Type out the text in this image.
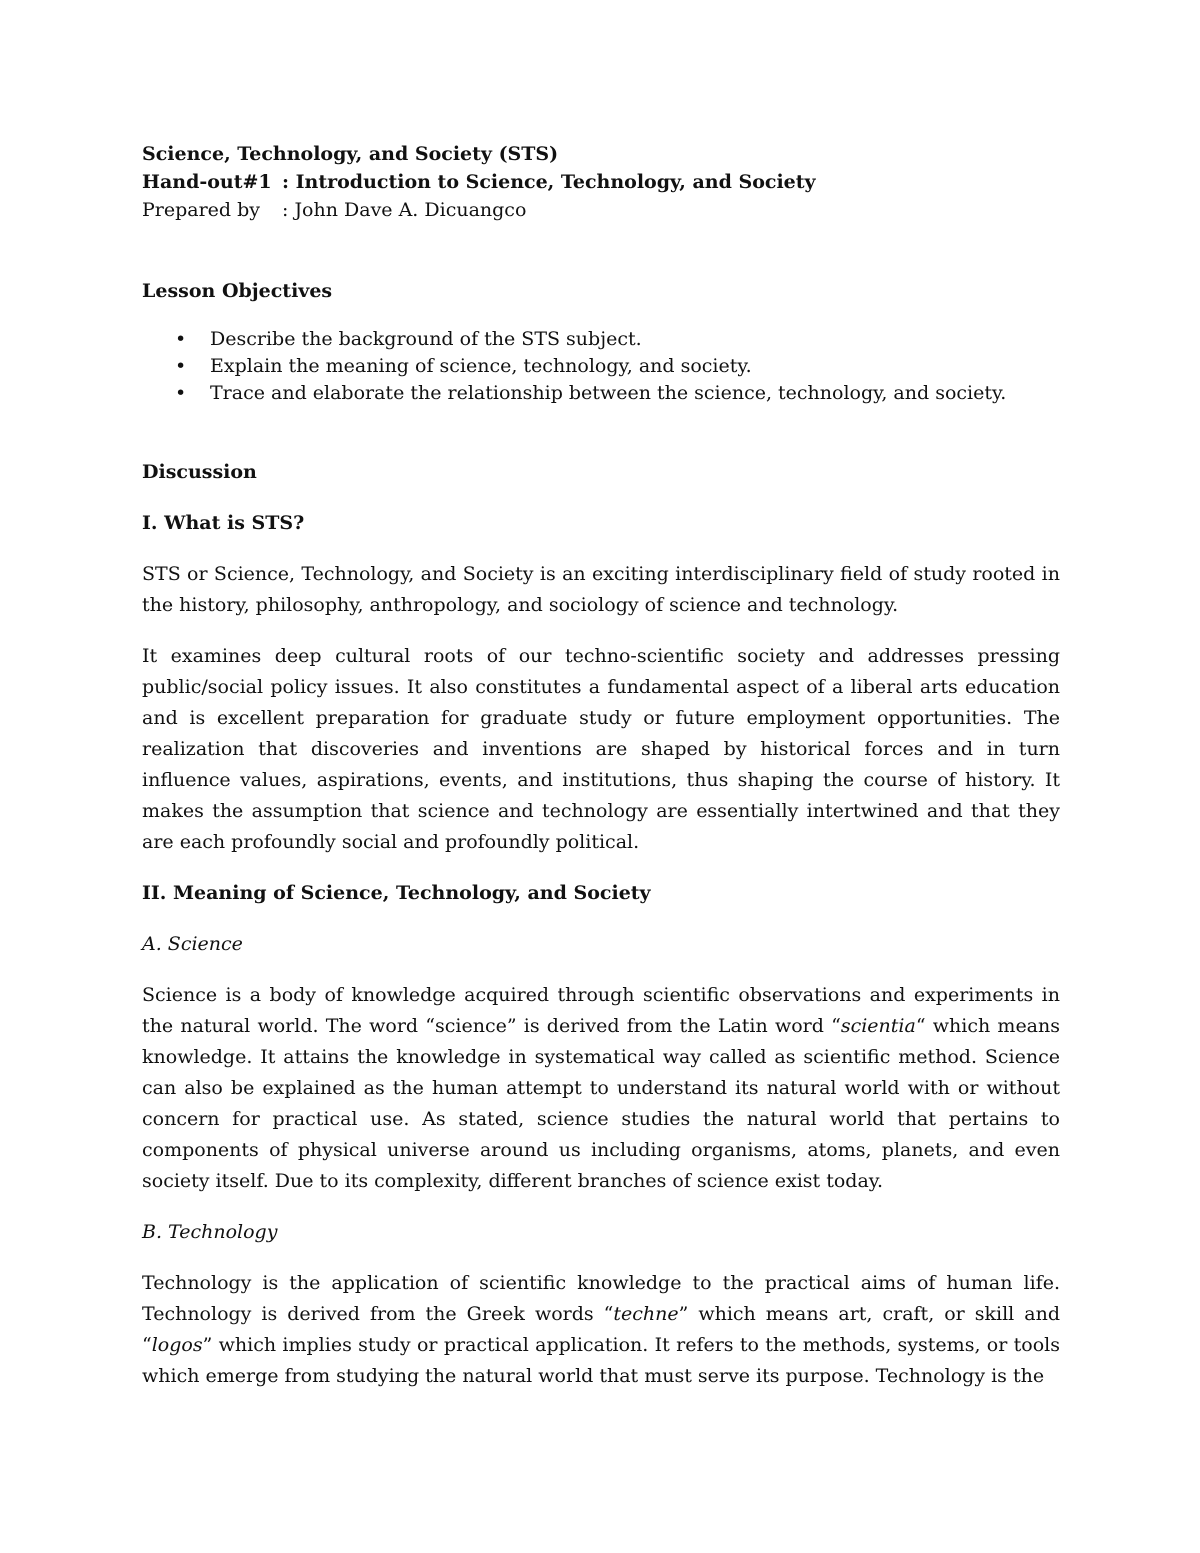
Science, Technology, and Society (STS)

Hand-out#1 : Introduction to Science, Technology, and Society

Prepared by : John Dave A. Dicuangco

Lesson Objectives

• Describe the background of the STS subject.
• Explain the meaning of science, technology, and society.
• Trace and elaborate the relationship between the science, technology, and society.

Discussion

I. What is STS?

STS or Science, Technology, and Society is an exciting interdisciplinary field of study rooted in the history, philosophy, anthropology, and sociology of science and technology.

It examines deep cultural roots of our techno-scientific society and addresses pressing public/social policy issues. It also constitutes a fundamental aspect of a liberal arts education and is excellent preparation for graduate study or future employment opportunities. The realization that discoveries and inventions are shaped by historical forces and in turn influence values, aspirations, events, and institutions, thus shaping the course of history. It makes the assumption that science and technology are essentially intertwined and that they are each profoundly social and profoundly political.

II. Meaning of Science, Technology, and Society

A. Science

Science is a body of knowledge acquired through scientific observations and experiments in the natural world. The word “science” is derived from the Latin word “scientia“ which means knowledge. It attains the knowledge in systematical way called as scientific method. Science can also be explained as the human attempt to understand its natural world with or without concern for practical use. As stated, science studies the natural world that pertains to components of physical universe around us including organisms, atoms, planets, and even society itself. Due to its complexity, different branches of science exist today.

B. Technology

Technology is the application of scientific knowledge to the practical aims of human life. Technology is derived from the Greek words “techne” which means art, craft, or skill and “logos” which implies study or practical application. It refers to the methods, systems, or tools which emerge from studying the natural world that must serve its purpose. Technology is the
